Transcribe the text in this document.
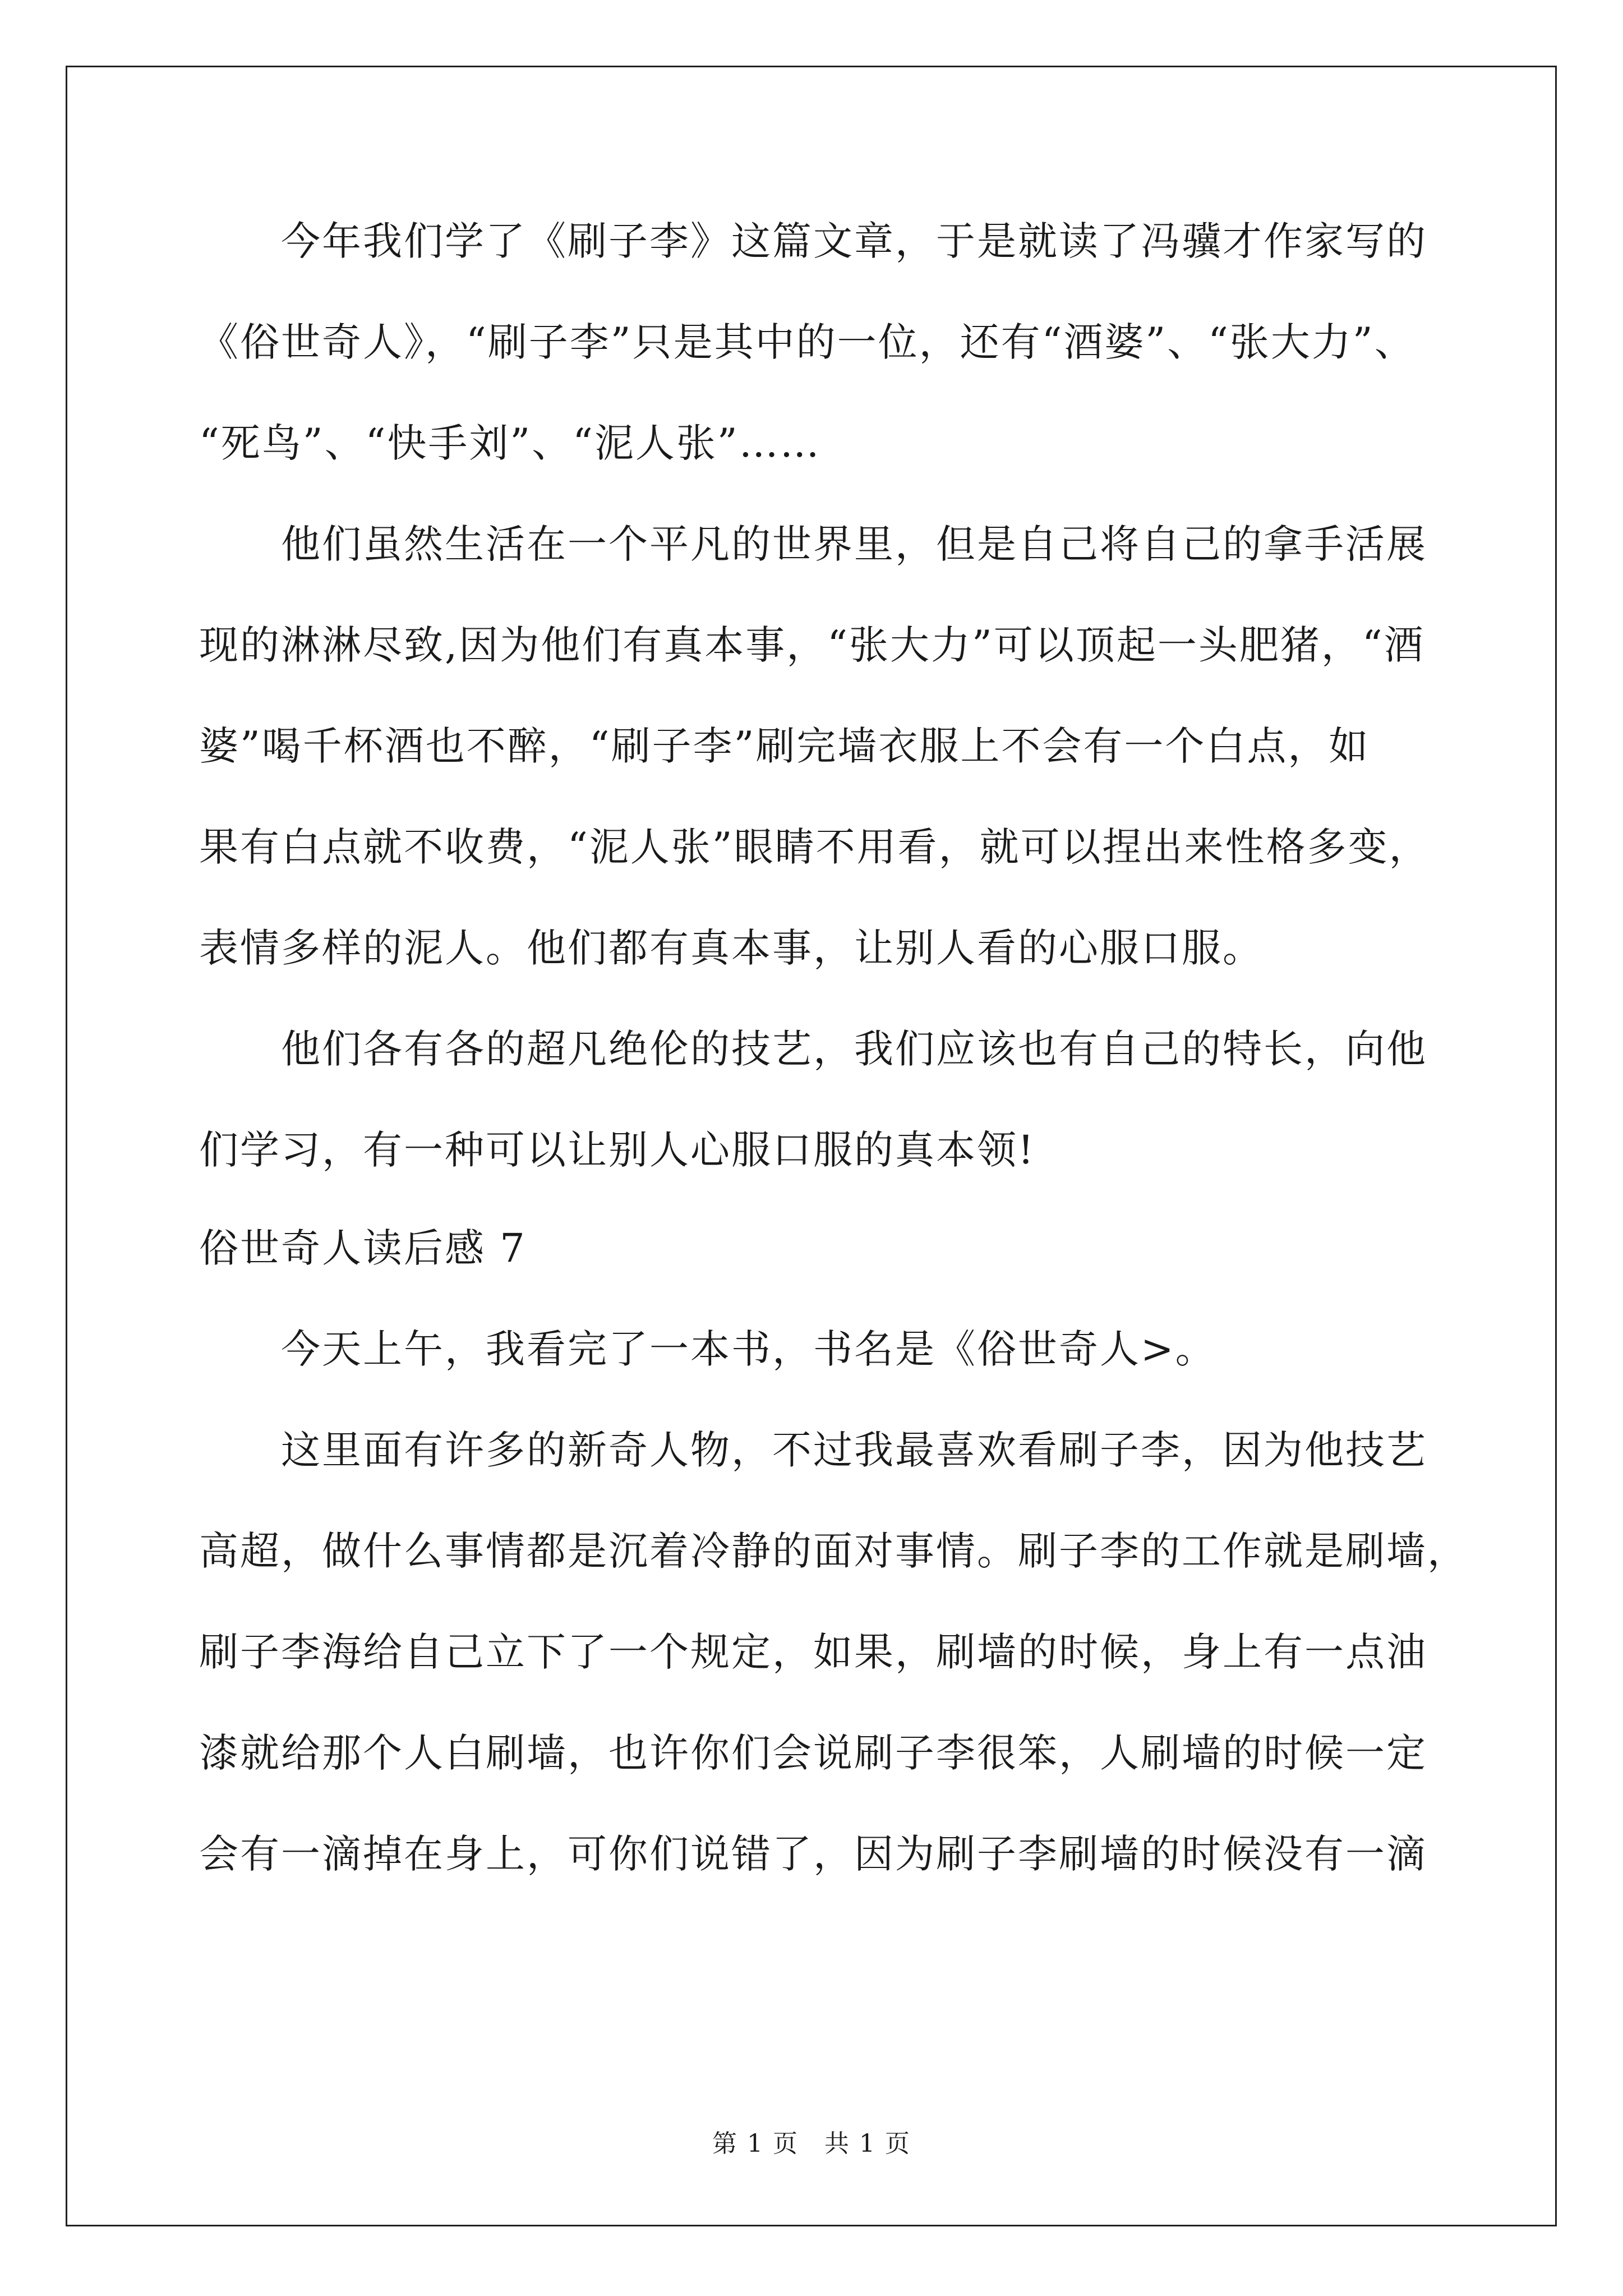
今年我们学了《刷子李》这篇文章，于是就读了冯骥才作家写的
《俗世奇人》，“刷子李”只是其中的一位，还有“酒婆”、“张大力”、
“死鸟”、“快手刘”、“泥人张”……
他们虽然生活在一个平凡的世界里，但是自己将自己的拿手活展
现的淋淋尽致,因为他们有真本事，“张大力”可以顶起一头肥猪，“酒
婆”喝千杯酒也不醉，“刷子李”刷完墙衣服上不会有一个白点，如
果有白点就不收费，“泥人张”眼睛不用看，就可以捏出来性格多变，
表情多样的泥人。他们都有真本事，让别人看的心服口服。
他们各有各的超凡绝伦的技艺，我们应该也有自己的特长，向他
们学习，有一种可以让别人心服口服的真本领!
俗世奇人读后感 7
今天上午，我看完了一本书，书名是《俗世奇人>。
这里面有许多的新奇人物，不过我最喜欢看刷子李，因为他技艺
高超，做什么事情都是沉着冷静的面对事情。刷子李的工作就是刷墙，
刷子李海给自己立下了一个规定，如果，刷墙的时候，身上有一点油
漆就给那个人白刷墙，也许你们会说刷子李很笨，人刷墙的时候一定
会有一滴掉在身上，可你们说错了，因为刷子李刷墙的时候没有一滴
第 1 页　共 1 页
